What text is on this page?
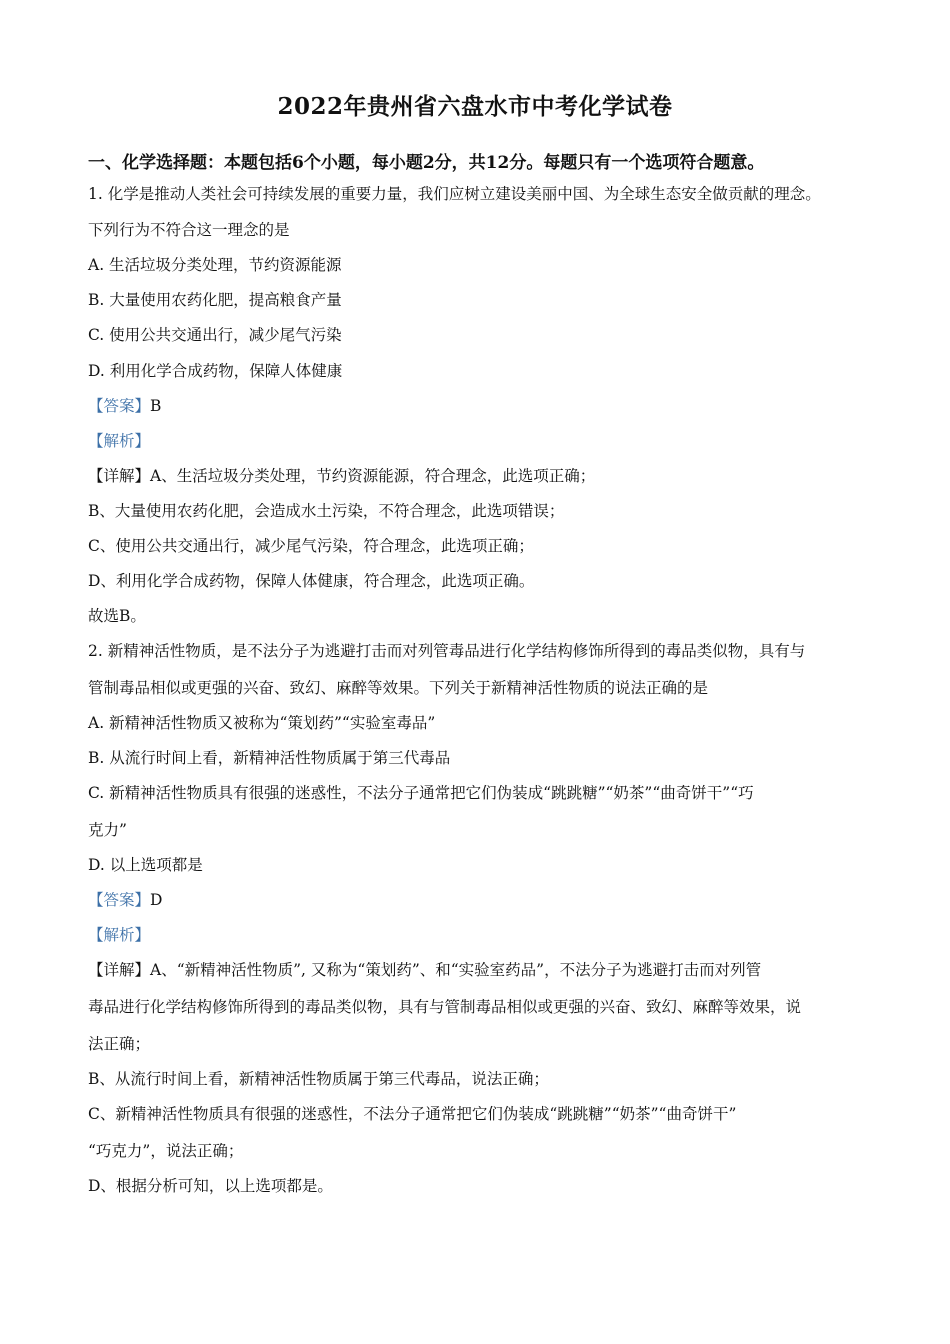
2022年贵州省六盘水市中考化学试卷
一、化学选择题：本题包括6个小题，每小题2分，共12分。每题只有一个选项符合题意。
1. 化学是推动人类社会可持续发展的重要力量，我们应树立建设美丽中国、为全球生态安全做贡献的理念。
下列行为不符合这一理念的是
A. 生活垃圾分类处理，节约资源能源
B. 大量使用农药化肥，提高粮食产量
C. 使用公共交通出行，减少尾气污染
D. 利用化学合成药物，保障人体健康
【答案】B
【解析】
【详解】A、生活垃圾分类处理，节约资源能源，符合理念，此选项正确；
B、大量使用农药化肥，会造成水土污染，不符合理念，此选项错误；
C、使用公共交通出行，减少尾气污染，符合理念，此选项正确；
D、利用化学合成药物，保障人体健康，符合理念，此选项正确。
故选B。
2. 新精神活性物质，是不法分子为逃避打击而对列管毒品进行化学结构修饰所得到的毒品类似物，具有与
管制毒品相似或更强的兴奋、致幻、麻醉等效果。下列关于新精神活性物质的说法正确的是
A. 新精神活性物质又被称为“策划药”“实验室毒品”
B. 从流行时间上看，新精神活性物质属于第三代毒品
C. 新精神活性物质具有很强的迷惑性，不法分子通常把它们伪装成“跳跳糖”“奶茶”“曲奇饼干”“巧
克力”
D. 以上选项都是
【答案】D
【解析】
【详解】A、“新精神活性物质”, 又称为“策划药”、和“实验室药品”，不法分子为逃避打击而对列管
毒品进行化学结构修饰所得到的毒品类似物，具有与管制毒品相似或更强的兴奋、致幻、麻醉等效果，说
法正确；
B、从流行时间上看，新精神活性物质属于第三代毒品，说法正确；
C、新精神活性物质具有很强的迷惑性，不法分子通常把它们伪装成“跳跳糖”“奶茶”“曲奇饼干”
“巧克力”，说法正确；
D、根据分析可知，以上选项都是。
